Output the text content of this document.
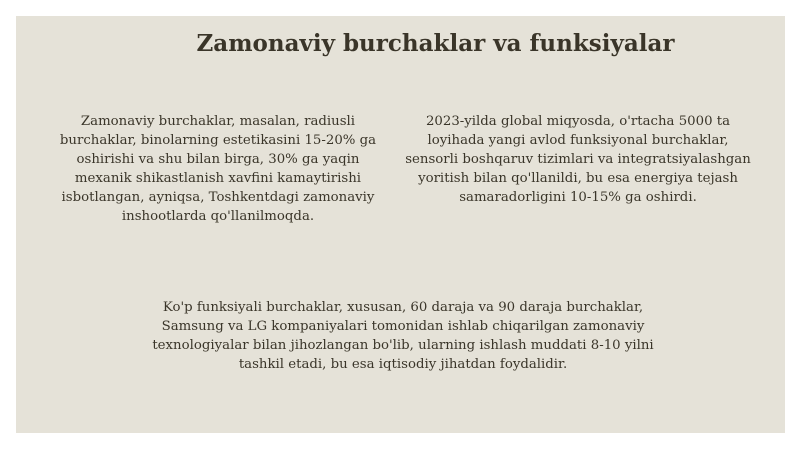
Zamonaviy burchaklar va funksiyalar
Zamonaviy burchaklar, masalan, radiusli burchaklar, binolarning estetikasini 15-20% ga oshirishi va shu bilan birga, 30% ga yaqin mexanik shikastlanish xavfini kamaytirishi isbotlangan, ayniqsa, Toshkentdagi zamonaviy inshootlarda qo'llanilmoqda.
2023-yilda global miqyosda, o'rtacha 5000 ta loyihada yangi avlod funksiyonal burchaklar, sensorli boshqaruv tizimlari va integratsiyalashgan yoritish bilan qo'llanildi, bu esa energiya tejash samaradorligini 10-15% ga oshirdi.
Ko'p funksiyali burchaklar, xususan, 60 daraja va 90 daraja burchaklar, Samsung va LG kompaniyalari tomonidan ishlab chiqarilgan zamonaviy texnologiyalar bilan jihozlangan bo'lib, ularning ishlash muddati 8-10 yilni tashkil etadi, bu esa iqtisodiy jihatdan foydalidir.
